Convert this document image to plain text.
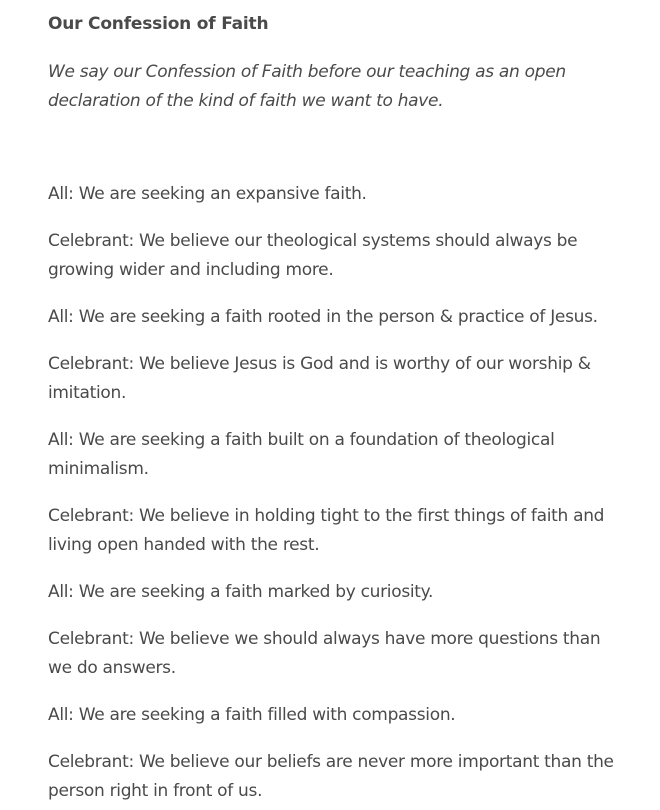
Our Confession of Faith

We say our Confession of Faith before our teaching as an open declaration of the kind of faith we want to have.

All: We are seeking an expansive faith.

Celebrant: We believe our theological systems should always be growing wider and including more.

All: We are seeking a faith rooted in the person & practice of Jesus.

Celebrant: We believe Jesus is God and is worthy of our worship & imitation.

All: We are seeking a faith built on a foundation of theological minimalism.

Celebrant: We believe in holding tight to the first things of faith and living open handed with the rest.

All: We are seeking a faith marked by curiosity.

Celebrant: We believe we should always have more questions than we do answers.

All: We are seeking a faith filled with compassion.

Celebrant: We believe our beliefs are never more important than the person right in front of us.
